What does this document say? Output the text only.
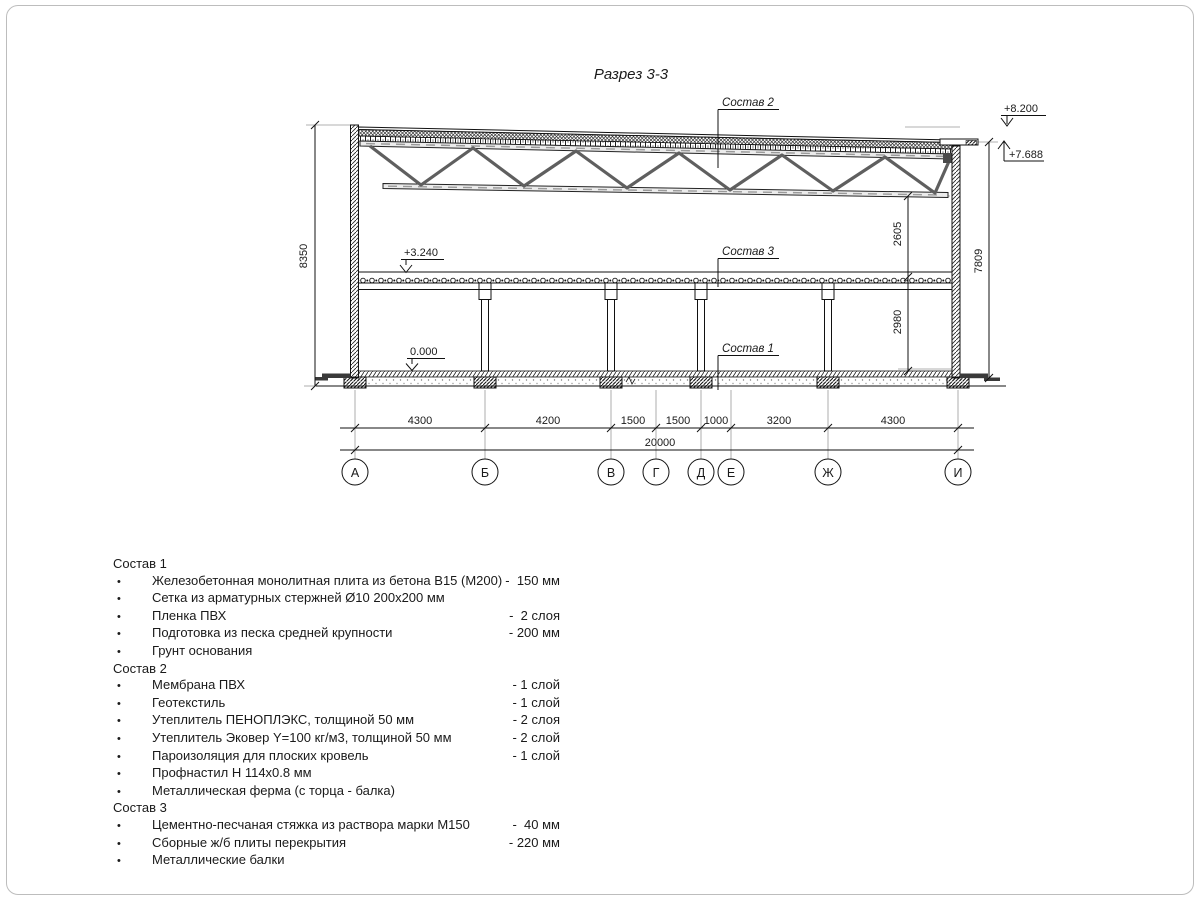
Разрез 3-3
+8.200
+7.688
+3.240
0.000
Состав 2
Состав 3
Состав 1
8350
2605
2980
7809
4300	4200	1500 1500 1000	3200	4300
20000
А	Б	В	Г	Д Е	Ж	И
Состав 1
•	Железобетонная монолитная плита из бетона В15 (М200) -  150 мм
•	Сетка из арматурных стержней Ø10 200х200 мм
•	Пленка ПВХ	-  2 слоя
•	Подготовка из песка средней крупности	- 200 мм
•	Грунт основания
Состав 2
•	Мембрана ПВХ	- 1 слой
•	Геотекстиль	- 1 слой
•	Утеплитель ПЕНОПЛЭКС, толщиной 50 мм	- 2 слоя
•	Утеплитель Эковер Y=100 кг/м3, толщиной 50 мм	- 2 слой
•	Пароизоляция для плоских кровель	- 1 слой
•	Профнастил Н 114х0.8 мм
•	Металлическая ферма (с торца - балка)
Состав 3
•	Цементно-песчаная стяжка из раствора марки М150	-  40 мм
•	Сборные ж/б плиты перекрытия	- 220 мм
•	Металлические балки
